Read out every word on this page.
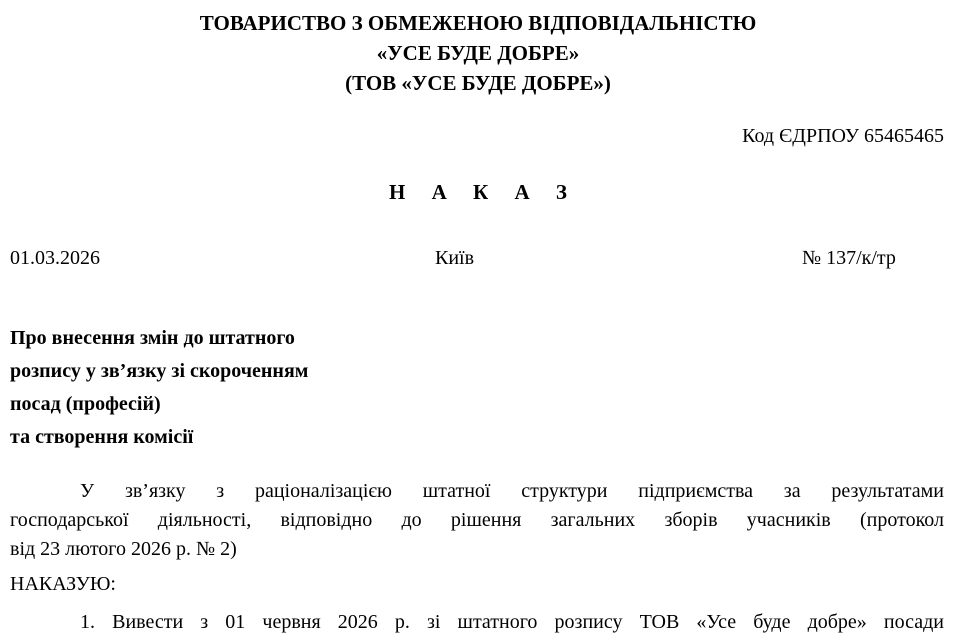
ТОВАРИСТВО З ОБМЕЖЕНОЮ ВІДПОВІДАЛЬНІСТЮ
«УСЕ БУДЕ ДОБРЕ»
(ТОВ «УСЕ БУДЕ ДОБРЕ»)
Код ЄДРПОУ 65465465
Н А К А З
01.03.2026	Київ	№ 137/к/тр
Про внесення змін до штатного
розпису у зв’язку зі скороченням
посад (професій)
та створення комісії
У зв’язку з раціоналізацією штатної структури підприємства за результатами
господарської діяльності, відповідно до рішення загальних зборів учасників (протокол
від 23 лютого 2026 р. № 2)
НАКАЗУЮ:
1. Вивести з 01 червня 2026 р. зі штатного розпису ТОВ «Усе буде добре» посади
